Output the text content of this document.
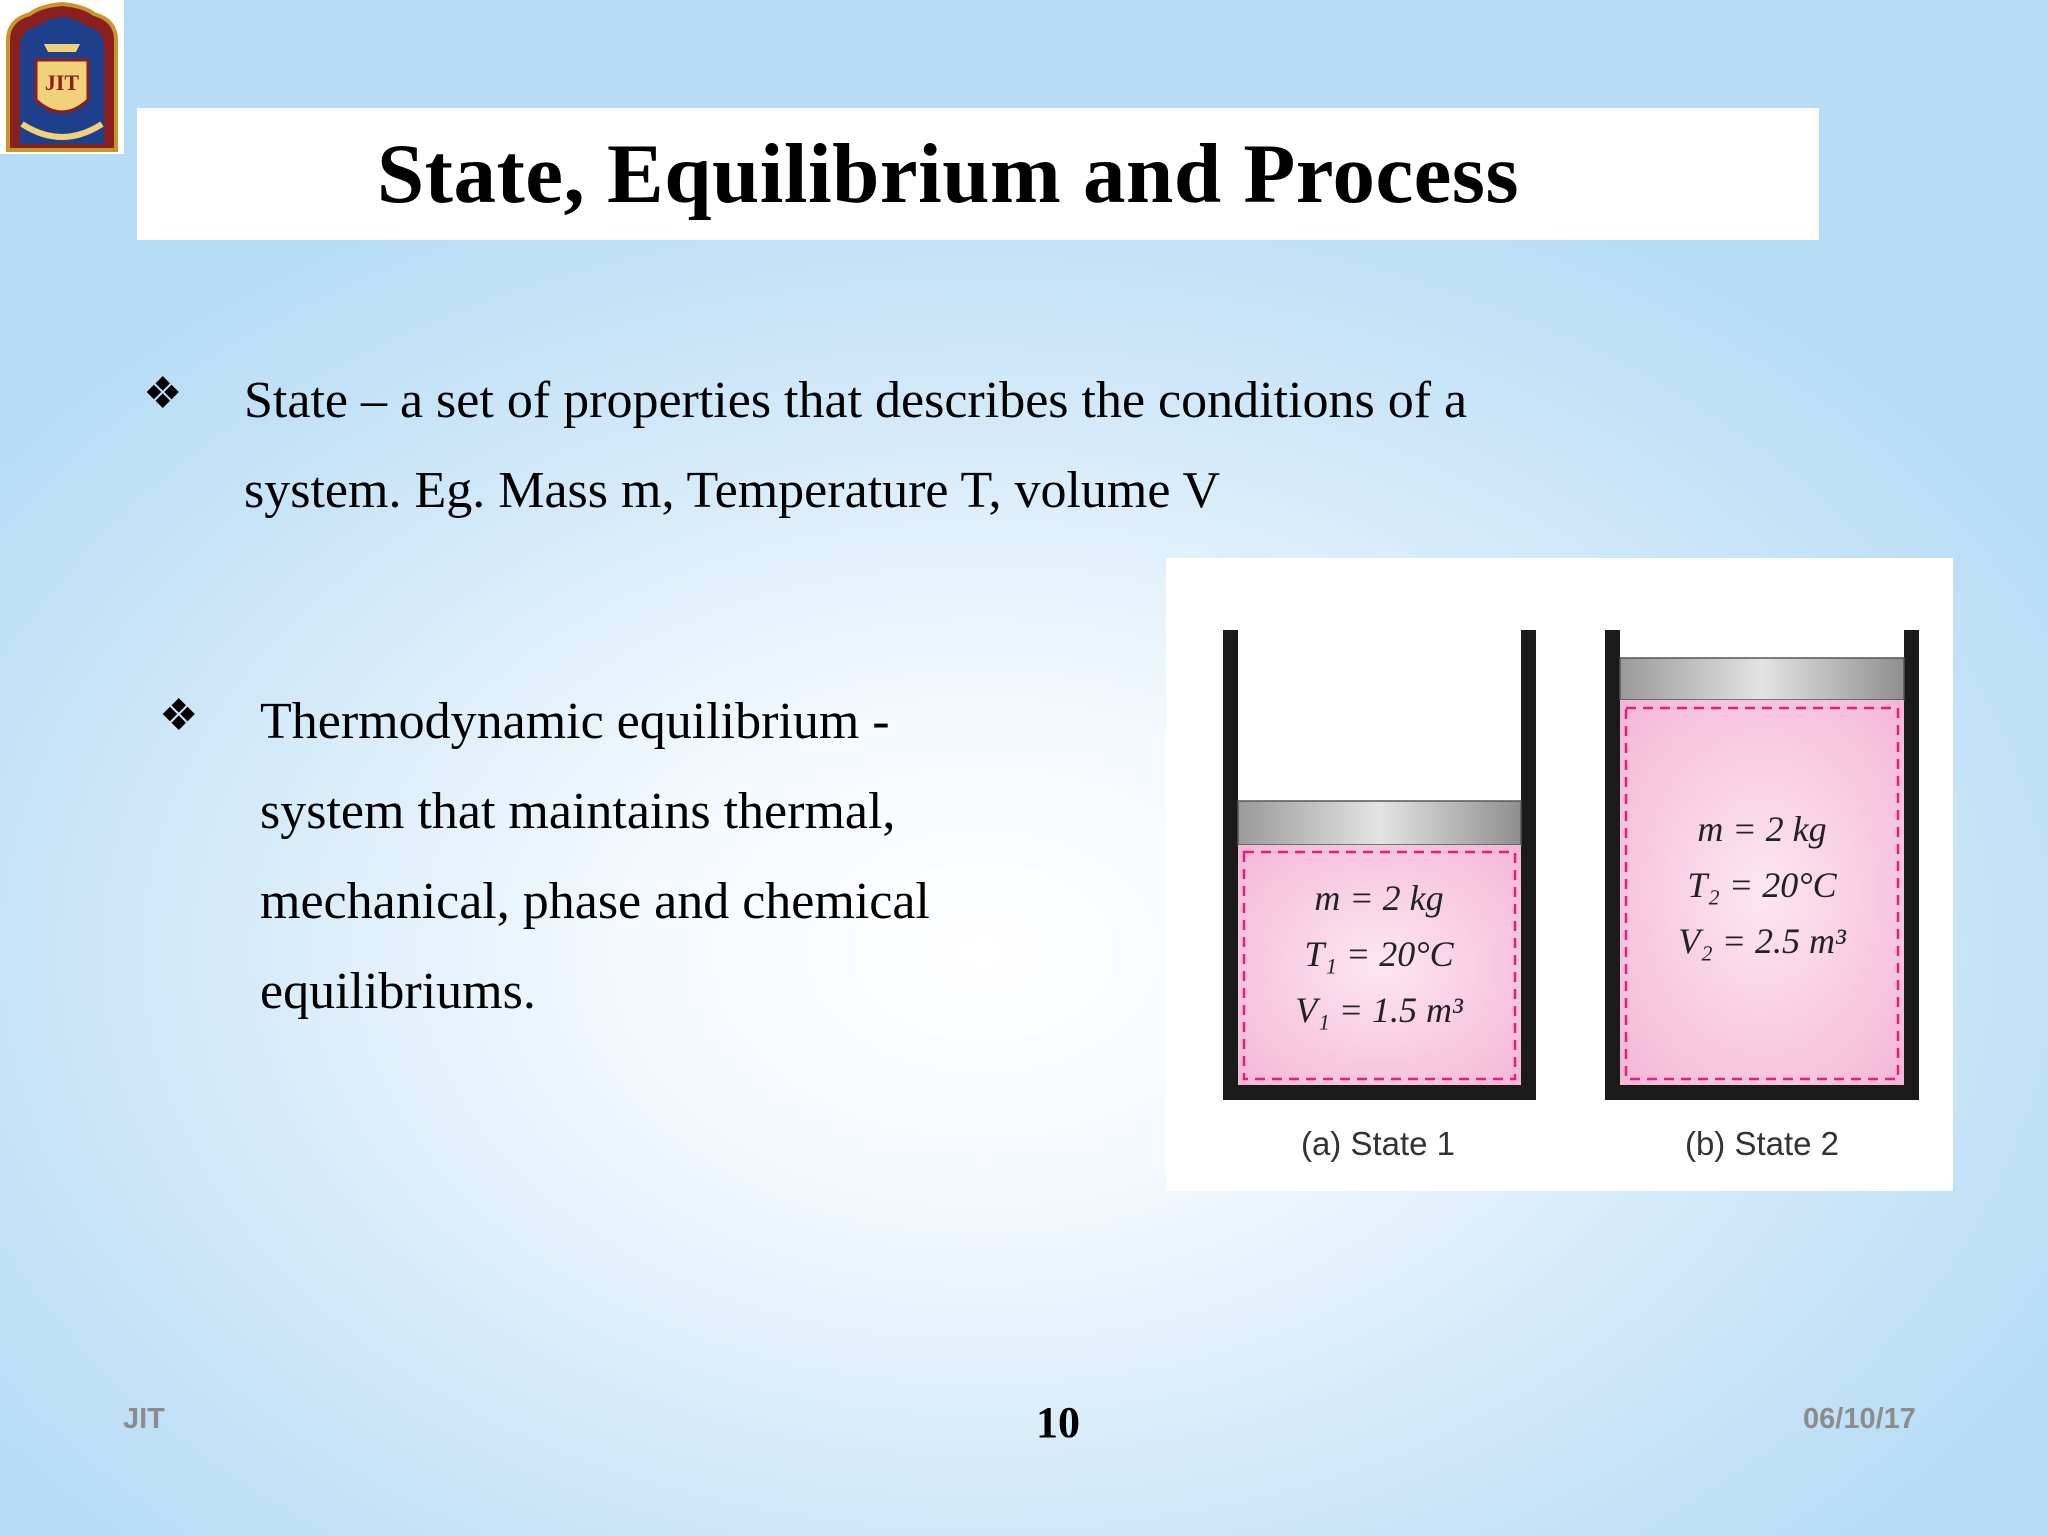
JIT
State, Equilibrium and Process
❖ State – a set of properties that describes the conditions of a
system. Eg. Mass m, Temperature T, volume V
❖ Thermodynamic equilibrium -
system that maintains thermal,
mechanical, phase and chemical
equilibriums.
m = 2 kg
T₁ = 20°C
V₁ = 1.5 m³
(a) State 1
m = 2 kg
T₂ = 20°C
V₂ = 2.5 m³
(b) State 2
JIT	10	06/10/17
